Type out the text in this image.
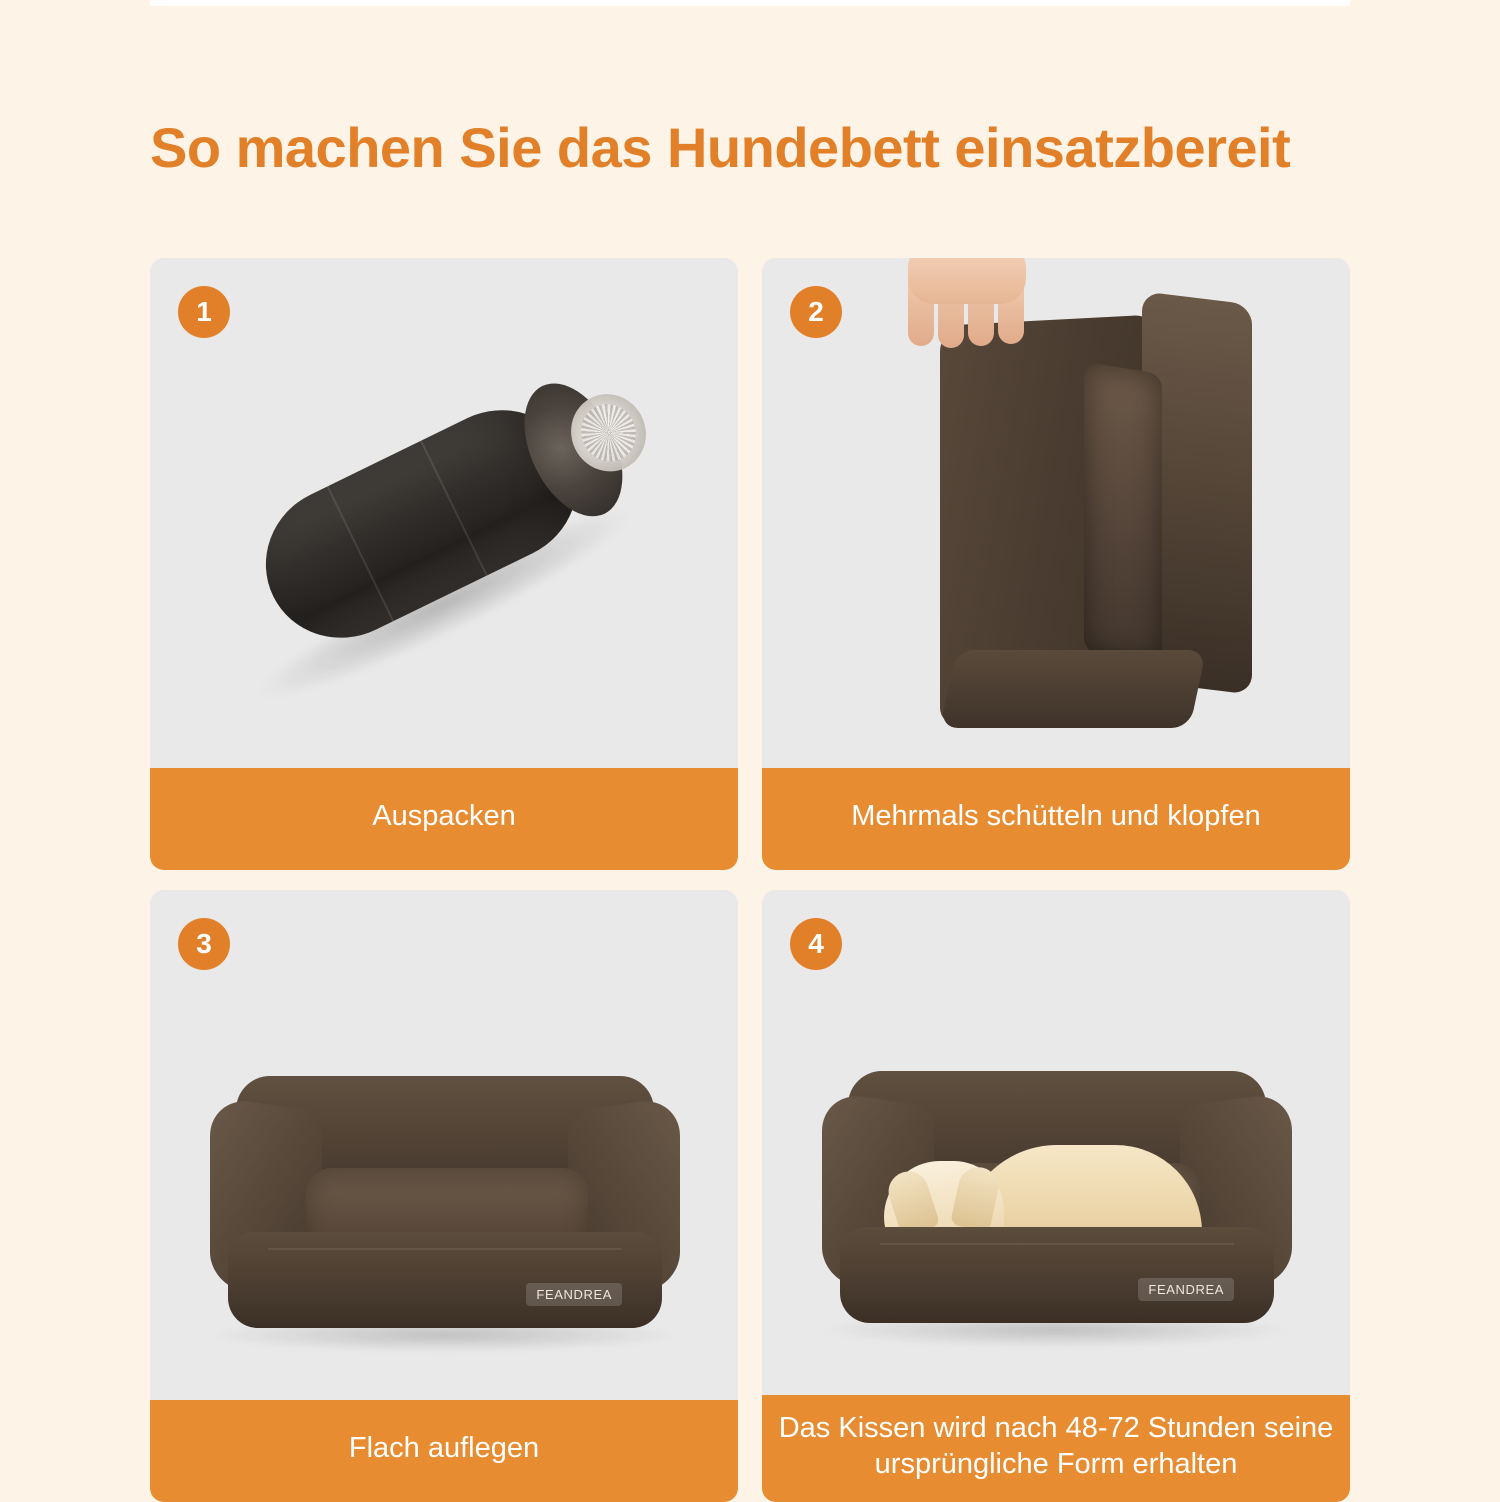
So machen Sie das Hundebett einsatzbereit
1
Auspacken
2
Mehrmals schütteln und klopfen
3
FEANDREA
Flach auflegen
4
FEANDREA
Das Kissen wird nach 48-72 Stunden seine ursprüngliche Form erhalten
